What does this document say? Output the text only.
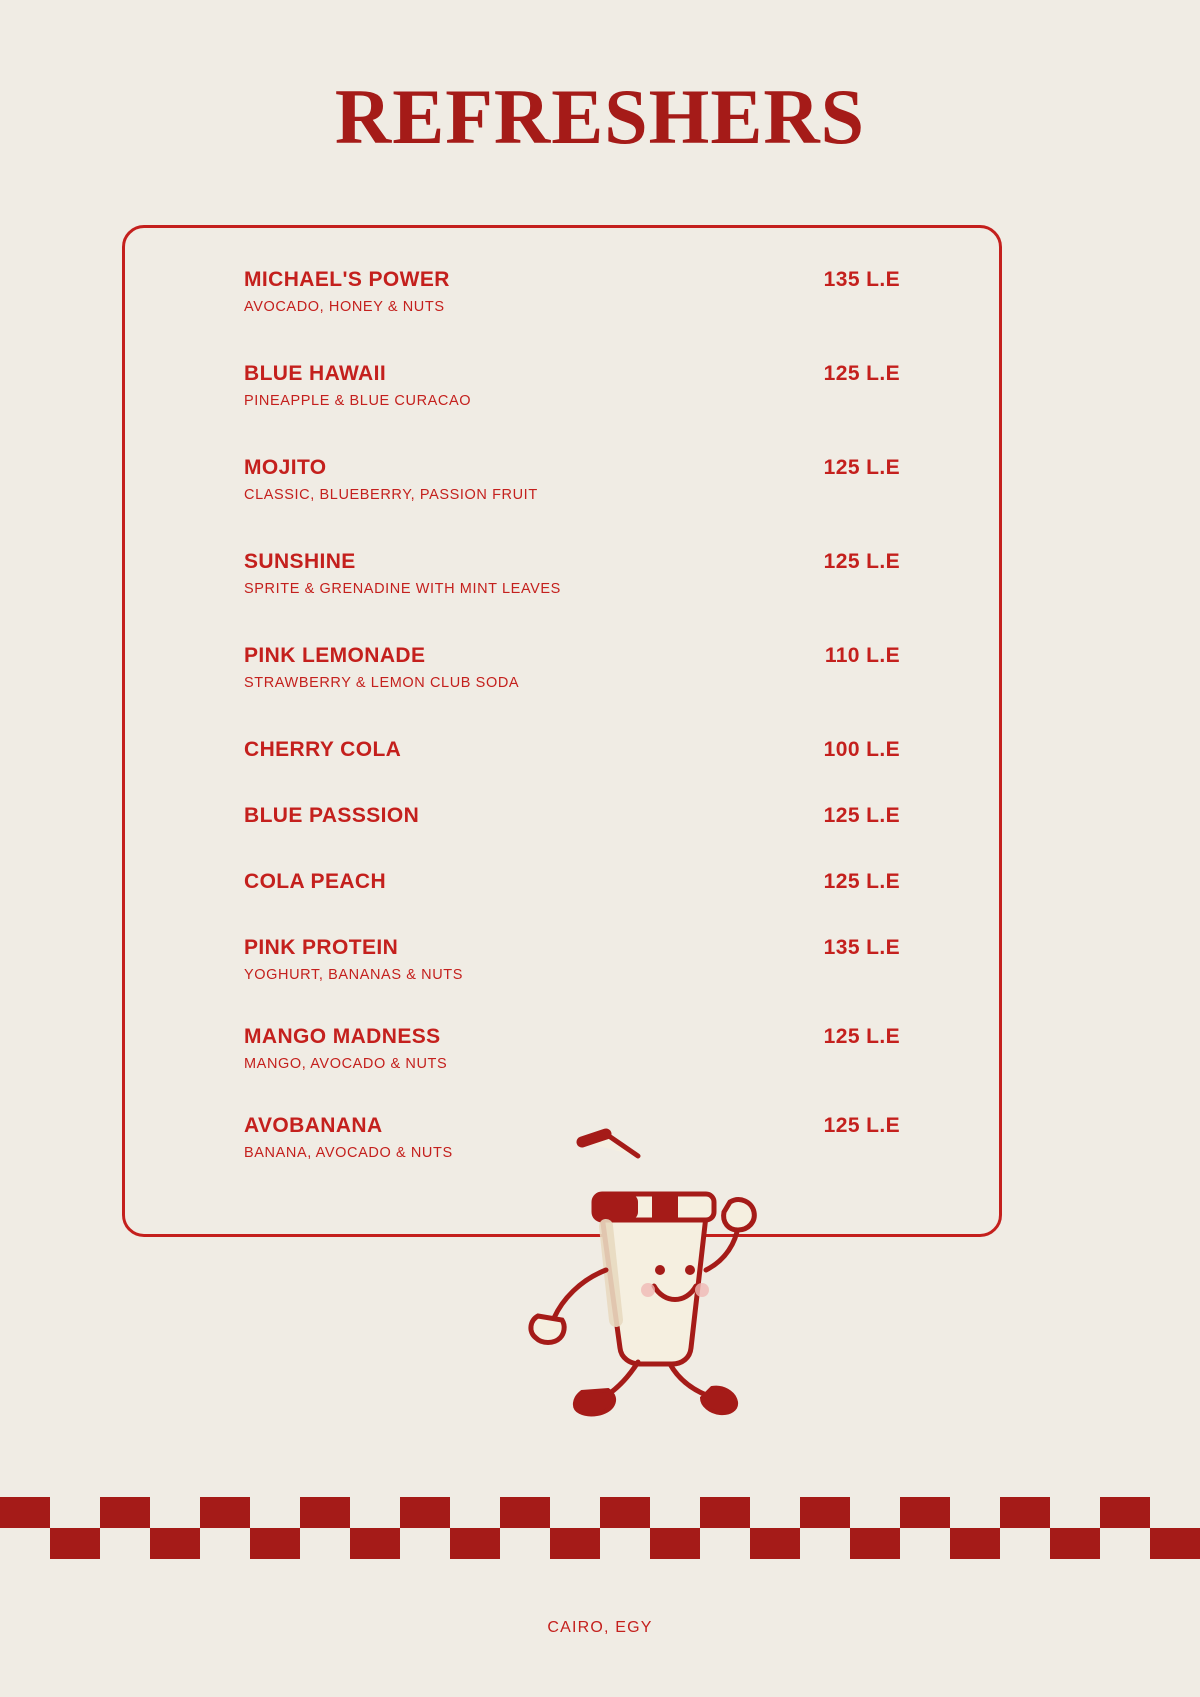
REFRESHERS
MICHAEL'S POWER	135 L.E
AVOCADO, HONEY & NUTS
BLUE HAWAII	125 L.E
PINEAPPLE & BLUE CURACAO
MOJITO	125 L.E
CLASSIC, BLUEBERRY, PASSION FRUIT
SUNSHINE	125 L.E
SPRITE & GRENADINE WITH MINT LEAVES
PINK LEMONADE	110 L.E
STRAWBERRY & LEMON CLUB SODA
CHERRY COLA	100 L.E
BLUE PASSSION	125 L.E
COLA PEACH	125 L.E
PINK PROTEIN	135 L.E
YOGHURT, BANANAS & NUTS
MANGO MADNESS	125 L.E
MANGO, AVOCADO & NUTS
AVOBANANA	125 L.E
BANANA, AVOCADO & NUTS
CAIRO, EGY
